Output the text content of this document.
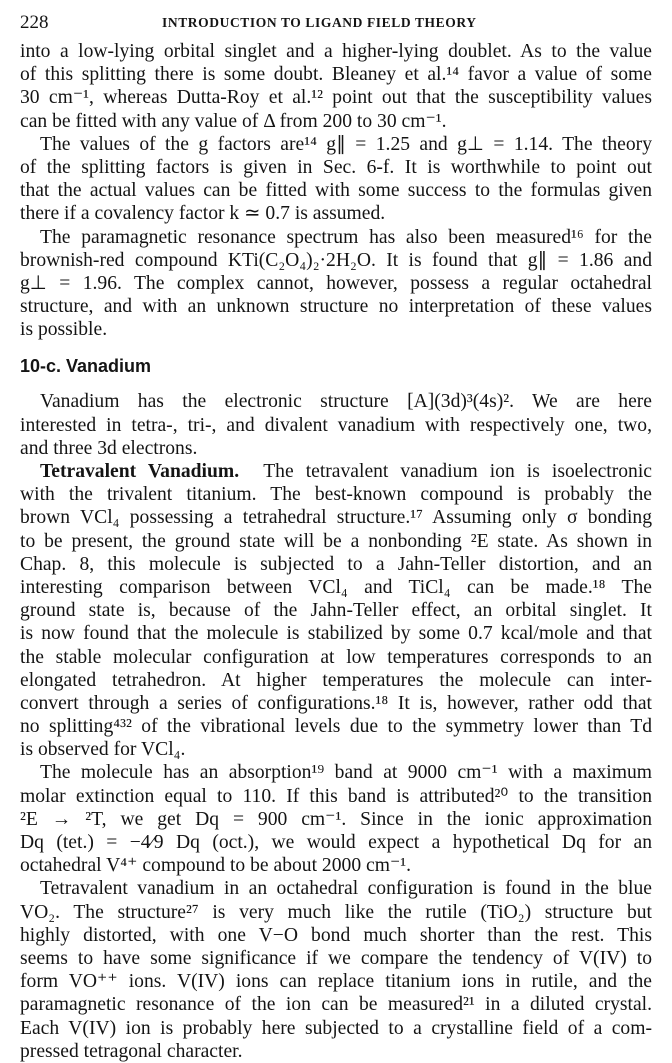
228	INTRODUCTION TO LIGAND FIELD THEORY
into a low-lying orbital singlet and a higher-lying doublet. As to the value
of this splitting there is some doubt. Bleaney et al.¹⁴ favor a value of some
30 cm⁻¹, whereas Dutta-Roy et al.¹² point out that the susceptibility values
can be fitted with any value of Δ from 200 to 30 cm⁻¹.
The values of the g factors are¹⁴ g∥ = 1.25 and g⊥ = 1.14. The theory
of the splitting factors is given in Sec. 6-f. It is worthwhile to point out
that the actual values can be fitted with some success to the formulas given
there if a covalency factor k ≃ 0.7 is assumed.
The paramagnetic resonance spectrum has also been measured¹⁶ for the
brownish-red compound KTi(C₂O₄)₂·2H₂O. It is found that g∥ = 1.86 and
g⊥ = 1.96. The complex cannot, however, possess a regular octahedral
structure, and with an unknown structure no interpretation of these values
is possible.
10-c. Vanadium
Vanadium has the electronic structure [A](3d)³(4s)². We are here
interested in tetra-, tri-, and divalent vanadium with respectively one, two,
and three 3d electrons.
Tetravalent Vanadium. The tetravalent vanadium ion is isoelectronic
with the trivalent titanium. The best-known compound is probably the
brown VCl₄ possessing a tetrahedral structure.¹⁷ Assuming only σ bonding
to be present, the ground state will be a nonbonding ²E state. As shown in
Chap. 8, this molecule is subjected to a Jahn-Teller distortion, and an
interesting comparison between VCl₄ and TiCl₄ can be made.¹⁸ The
ground state is, because of the Jahn-Teller effect, an orbital singlet. It
is now found that the molecule is stabilized by some 0.7 kcal/mole and that
the stable molecular configuration at low temperatures corresponds to an
elongated tetrahedron. At higher temperatures the molecule can inter-
convert through a series of configurations.¹⁸ It is, however, rather odd that
no splitting⁴³² of the vibrational levels due to the symmetry lower than Td
is observed for VCl₄.
The molecule has an absorption¹⁹ band at 9000 cm⁻¹ with a maximum
molar extinction equal to 110. If this band is attributed²⁰ to the transition
²E → ²T, we get Dq = 900 cm⁻¹. Since in the ionic approximation
Dq (tet.) = −4⁄9 Dq (oct.), we would expect a hypothetical Dq for an
octahedral V⁴⁺ compound to be about 2000 cm⁻¹.
Tetravalent vanadium in an octahedral configuration is found in the blue
VO₂. The structure²⁷ is very much like the rutile (TiO₂) structure but
highly distorted, with one V−O bond much shorter than the rest. This
seems to have some significance if we compare the tendency of V(IV) to
form VO⁺⁺ ions. V(IV) ions can replace titanium ions in rutile, and the
paramagnetic resonance of the ion can be measured²¹ in a diluted crystal.
Each V(IV) ion is probably here subjected to a crystalline field of a com-
pressed tetragonal character.
